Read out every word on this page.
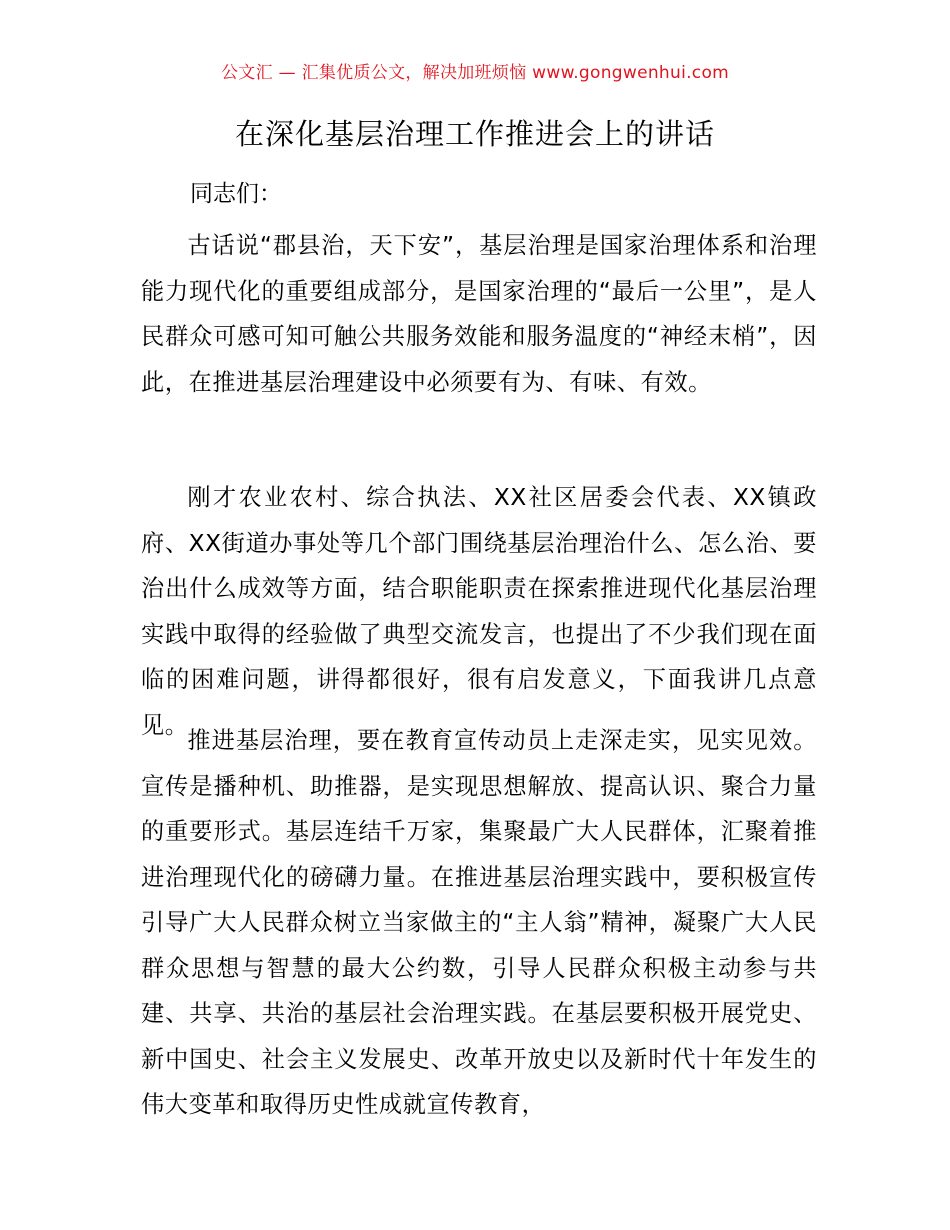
公文汇 — 汇集优质公文，解决加班烦恼 www.gongwenhui.com
在深化基层治理工作推进会上的讲话

同志们：

古话说“郡县治，天下安”，基层治理是国家治理体系和治理能力现代化的重要组成部分，是国家治理的“最后一公里”，是人民群众可感可知可触公共服务效能和服务温度的“神经末梢”，因此，在推进基层治理建设中必须要有为、有味、有效。

刚才农业农村、综合执法、XX社区居委会代表、XX镇政府、XX街道办事处等几个部门围绕基层治理治什么、怎么治、要治出什么成效等方面，结合职能职责在探索推进现代化基层治理实践中取得的经验做了典型交流发言，也提出了不少我们现在面临的困难问题，讲得都很好，很有启发意义，下面我讲几点意见。

推进基层治理，要在教育宣传动员上走深走实，见实见效。宣传是播种机、助推器，是实现思想解放、提高认识、聚合力量的重要形式。基层连结千万家，集聚最广大人民群体，汇聚着推进治理现代化的磅礴力量。在推进基层治理实践中，要积极宣传引导广大人民群众树立当家做主的“主人翁”精神，凝聚广大人民群众思想与智慧的最大公约数，引导人民群众积极主动参与共建、共享、共治的基层社会治理实践。在基层要积极开展党史、新中国史、社会主义发展史、改革开放史以及新时代十年发生的伟大变革和取得历史性成就宣传教育，
